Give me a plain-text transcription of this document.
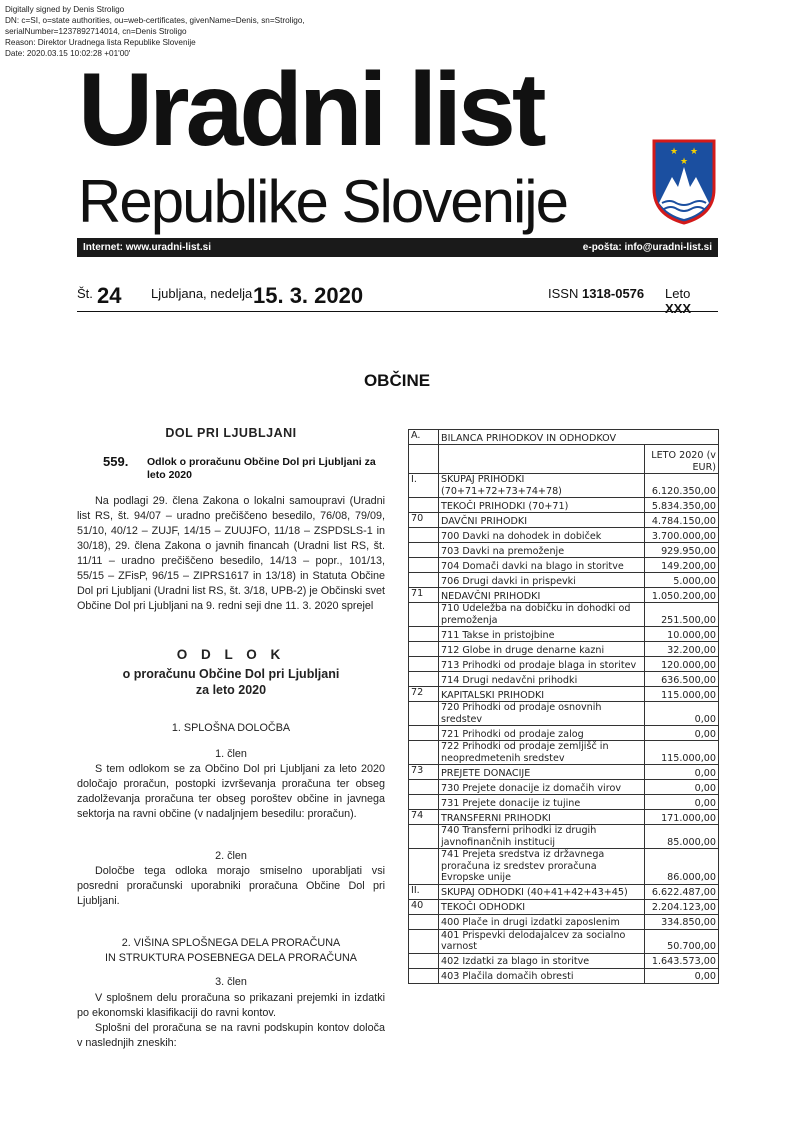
Digitally signed by Denis Stroligo
DN: c=SI, o=state authorities, ou=web-certificates, givenName=Denis, sn=Stroligo,
serialNumber=1237892714014, cn=Denis Stroligo
Reason: Direktor Uradnega lista Republike Slovenije
Date: 2020.03.15 10:02:28 +01'00'
Uradni list
Republike Slovenije
★ ★
★
Internet: www.uradni-list.si	e-pošta: info@uradni-list.si
Št. 24 Ljubljana, nedelja 15. 3. 2020	ISSN 1318-0576 Leto XXX
OBČINE
DOL PRI LJUBLJANI
559. Odlok o proračunu Občine Dol pri Ljubljani za leto 2020

Na podlagi 29. člena Zakona o lokalni samoupravi (Uradni list RS, št. 94/07 – uradno prečiščeno besedilo, 76/08, 79/09, 51/10, 40/12 – ZUJF, 14/15 – ZUUJFO, 11/18 – ZSPDSLS-1 in 30/18), 29. člena Zakona o javnih financah (Uradni list RS, št. 11/11 – uradno prečiščeno besedilo, 14/13 – popr., 101/13, 55/15 – ZFisP, 96/15 – ZIPRS1617 in 13/18) in Statuta Občine Dol pri Ljubljani (Uradni list RS, št. 3/18, UPB-2) je Občinski svet Občine Dol pri Ljubljani na 9. redni seji dne 11. 3. 2020 sprejel

O D L O K
o proračunu Občine Dol pri Ljubljani
za leto 2020
1. SPLOŠNA DOLOČBA
1. člen

S tem odlokom se za Občino Dol pri Ljubljani za leto 2020 določajo proračun, postopki izvrševanja proračuna ter obseg zadolževanja proračuna ter obseg poroštev občine in javnega sektorja na ravni občine (v nadaljnjem besedilu: proračun).

2. člen

Določbe tega odloka morajo smiselno uporabljati vsi posredni proračunski uporabniki proračuna Občine Dol pri Ljubljani.

2. VIŠINA SPLOŠNEGA DELA PRORAČUNA
IN STRUKTURA POSEBNEGA DELA PRORAČUNA
3. člen

V splošnem delu proračuna so prikazani prejemki in izdatki po ekonomski klasifikaciji do ravni kontov.

Splošni del proračuna se na ravni podskupin kontov določa v naslednjih zneskih:

A.	BILANCA PRIHODKOV IN ODHODKOV	
		LETO 2020 (v EUR)
I.	SKUPAJ PRIHODKI (70+71+72+73+74+78)	6.120.350,00
	TEKOČI PRIHODKI (70+71)	5.834.350,00
70	DAVČNI PRIHODKI	4.784.150,00
	700 Davki na dohodek in dobiček	3.700.000,00
	703 Davki na premoženje	929.950,00
	704 Domači davki na blago in storitve	149.200,00
	706 Drugi davki in prispevki	5.000,00
71	NEDAVČNI PRIHODKI	1.050.200,00
	710 Udeležba na dobičku in dohodki od premoženja	251.500,00
	711 Takse in pristojbine	10.000,00
	712 Globe in druge denarne kazni	32.200,00
	713 Prihodki od prodaje blaga in storitev	120.000,00
	714 Drugi nedavčni prihodki	636.500,00
72	KAPITALSKI PRIHODKI	115.000,00
	720 Prihodki od prodaje osnovnih sredstev	0,00
	721 Prihodki od prodaje zalog	0,00
	722 Prihodki od prodaje zemljišč in neopredmetenih sredstev	115.000,00
73	PREJETE DONACIJE	0,00
	730 Prejete donacije iz domačih virov	0,00
	731 Prejete donacije iz tujine	0,00
74	TRANSFERNI PRIHODKI	171.000,00
	740 Transferni prihodki iz drugih javnofinančnih institucij	85.000,00
	741 Prejeta sredstva iz državnega proračuna iz sredstev proračuna Evropske unije	86.000,00
II.	SKUPAJ ODHODKI (40+41+42+43+45)	6.622.487,00
40	TEKOČI ODHODKI	2.204.123,00
	400 Plače in drugi izdatki zaposlenim	334.850,00
	401 Prispevki delodajalcev za socialno varnost	50.700,00
	402 Izdatki za blago in storitve	1.643.573,00
	403 Plačila domačih obresti	0,00
